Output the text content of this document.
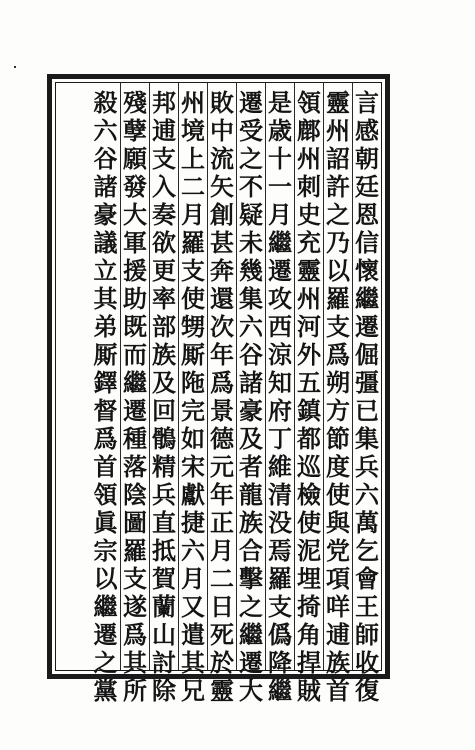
言
感
朝
廷
恩
信
懷
繼
遷
倔
彊
已
集
兵
六
萬
乞
會
王
師
收
復
靈
州
詔
許
之
乃
以
羅
支
爲
朔
方
節
度
使
與
党
項
咩
逋
族
首
領
鄜
州
刺
史
充
靈
州
河
外
五
鎮
都
巡
檢
使
泥
埋
掎
角
捍
賊
是
歳
十
一
月
繼
遷
攻
西
涼
知
府
丁
維
清
没
焉
羅
支
僞
降
繼
遷
受
之
不
疑
未
幾
集
六
谷
諸
豪
及
者
龍
族
合
擊
之
繼
遷
大
敗
中
流
矢
創
甚
奔
還
次
年
爲
景
德
元
年
正
月
二
日
死
於
靈
州
境
上
二
月
羅
支
使
甥
厮
陁
完
如
宋
獻
捷
六
月
又
遣
其
兄
邦
逋
支
入
奏
欲
更
率
部
族
及
回
鶻
精
兵
直
抵
賀
蘭
山
討
除
殘
孽
願
發
大
軍
援
助
既
而
繼
遷
種
落
陰
圖
羅
支
遂
爲
其
所
殺
六
谷
諸
豪
議
立
其
弟
厮
鐸
督
爲
首
領
眞
宗
以
繼
遷
之
黨
